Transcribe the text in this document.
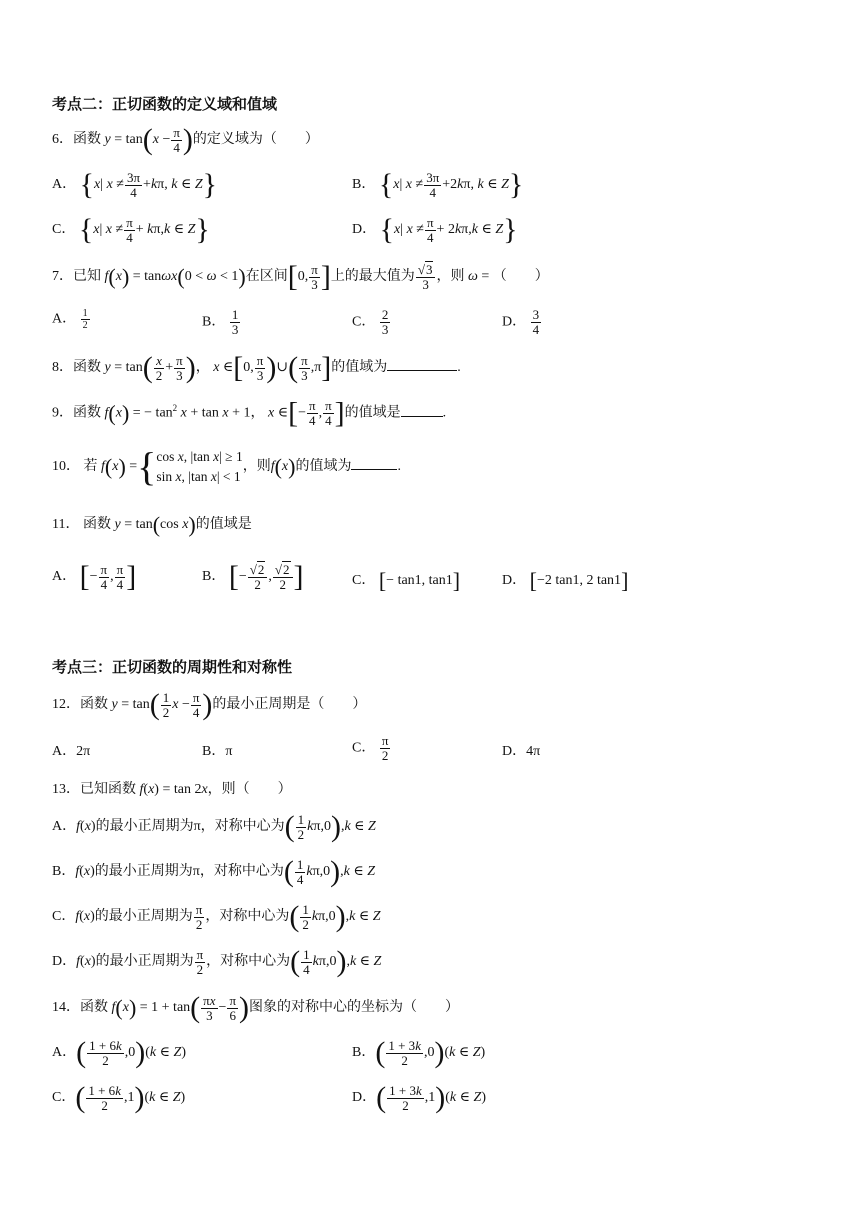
考点二：正切函数的定义域和值域
6．函数 $y = \tan(x - \frac{\pi}{4}$ )的定义域为（　　）
A． {x| $x \ne \frac{3\pi}{4} +k\pi$, k ∈ Z}	B． {x| $x \ne \frac{3\pi}{4} +2k\pi$, k ∈ Z}
C． {x| $x \ne \frac{\pi}{4} + k\pi,k$ ∈ Z}	D． {x| $x \ne \frac{\pi}{4} + 2k\pi,k$ ∈ Z}
7．已知 f(x) = tanωx(0 < ω < 1)在区间[0, $\frac{\pi}{3}$ ]上的最大值为 $\frac{√3}{3}$ ，则 ω = （　　）
A． $\frac{1}{2}$	B． $\frac{1}{3}$	C． $\frac{2}{3}$	D． $\frac{3}{4}$
8．函数 $y = \tan( \frac{x}{2} + \frac{\pi}{3}$ )， x ∈[0, $\frac{\pi}{3}$ )∪( $\frac{\pi}{3} ,\pi$]的值域为	.
9．函数 f(x) = − $\tan^2 x + \tan x + 1$， x ∈[− $\frac{\pi}{4}$ , $\frac{\pi}{4}$ ]的值域是	.
10． 若 f(x) ={ cos x, |tan x| ≥ 1
sin x, |tan x| < 1
，则f(x)的值域为	.
11． 函数 y = tan(cos x)的值域是
A． [− $\frac{\pi}{4}$ , $\frac{\pi}{4}$ ]	B． [− $\frac{√2}{2}$ , $\frac{√2}{2}$ ]	C． [− tan1, tan1]	D． [−2 tan1, 2 tan1]
考点三：正切函数的周期性和对称性
12．函数 $y = \tan( \frac{1}{2}$ $x - \frac{\pi}{4}$ )的最小正周期是（　　）
A．2π	B．π	C． $\frac{\pi}{2}$	D．4π
13．已知函数 f(x) = tan 2x，则（　　）
A．f(x)的最小正周期为π，对称中心为( $\frac{1}{2} k\pi,0),k$ ∈ Z
B．f(x)的最小正周期为π，对称中心为( $\frac{1}{4} k\pi,0),k$ ∈ Z
C．f(x)的最小正周期为 $\frac{\pi}{2}$ ，对称中心为( $\frac{1}{2} k\pi,0),k$ ∈ Z
D．f(x)的最小正周期为 $\frac{\pi}{2}$ ，对称中心为( $\frac{1}{4} k\pi,0),k$ ∈ Z
14．函数 $f(x) = 1 + \tan( \frac{\pi x}{3} - \frac{\pi}{6}$ )图象的对称中心的坐标为（　　）
A．( $\frac{1 + 6k}{2} ,0)(k$ ∈ Z)	B．( $\frac{1 + 3k}{2} ,0)(k$ ∈ Z)
C．( $\frac{1 + 6k}{2} ,1)(k$ ∈ Z)	D．( $\frac{1 + 3k}{2} ,1)(k$ ∈ Z)
